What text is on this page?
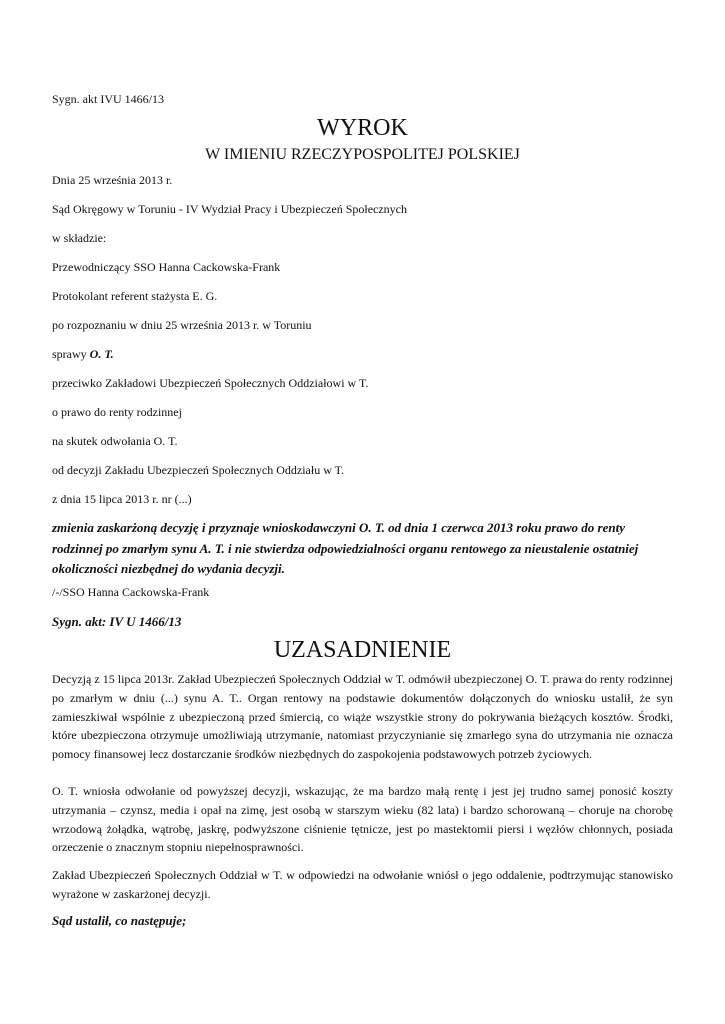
Sygn. akt IVU 1466/13
WYROK
W IMIENIU RZECZYPOSPOLITEJ POLSKIEJ
Dnia 25 września 2013 r.
Sąd Okręgowy w Toruniu - IV Wydział Pracy i Ubezpieczeń Społecznych
w składzie:
Przewodniczący SSO Hanna Cackowska-Frank
Protokolant referent stażysta E. G.
po rozpoznaniu w dniu 25 września 2013 r. w Toruniu
sprawy O. T.
przeciwko Zakładowi Ubezpieczeń Społecznych Oddziałowi w T.
o prawo do renty rodzinnej
na skutek odwołania O. T.
od decyzji Zakładu Ubezpieczeń Społecznych Oddziału w T.
z dnia 15 lipca 2013 r. nr (...)
zmienia zaskarżoną decyzję i przyznaje wnioskodawczyni O. T. od dnia 1 czerwca 2013 roku prawo do renty rodzinnej po zmarłym synu A. T. i nie stwierdza odpowiedzialności organu rentowego za nieustalenie ostatniej okoliczności niezbędnej do wydania decyzji.
/-/SSO Hanna Cackowska-Frank
Sygn. akt: IV U 1466/13
UZASADNIENIE
Decyzją z 15 lipca 2013r. Zakład Ubezpieczeń Społecznych Oddział w T. odmówił ubezpieczonej O. T. prawa do renty rodzinnej po zmarłym w dniu (...) synu A. T.. Organ rentowy na podstawie dokumentów dołączonych do wniosku ustalił, że syn zamieszkiwał wspólnie z ubezpieczoną przed śmiercią, co wiąże wszystkie strony do pokrywania bieżących kosztów. Środki, które ubezpieczona otrzymuje umożliwiają utrzymanie, natomiast przyczynianie się zmarłego syna do utrzymania nie oznacza pomocy finansowej lecz dostarczanie środków niezbędnych do zaspokojenia podstawowych potrzeb życiowych.
O. T. wniosła odwołanie od powyższej decyzji, wskazując, że ma bardzo małą rentę i jest jej trudno samej ponosić koszty utrzymania – czynsz, media i opał na zimę, jest osobą w starszym wieku (82 lata) i bardzo schorowaną – choruje na chorobę wrzodową żołądka, wątrobę, jaskrę, podwyższone ciśnienie tętnicze, jest po mastektomii piersi i węzłów chłonnych, posiada orzeczenie o znacznym stopniu niepełnosprawności.
Zakład Ubezpieczeń Społecznych Oddział w T. w odpowiedzi na odwołanie wniósł o jego oddalenie, podtrzymując stanowisko wyrażone w zaskarżonej decyzji.
Sąd ustalił, co następuje;
